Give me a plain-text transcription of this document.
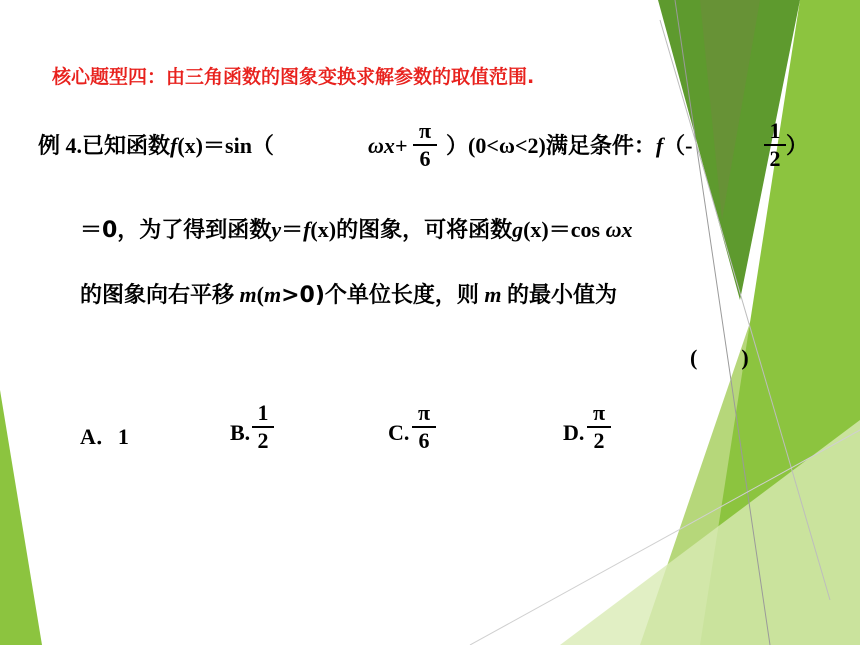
核心题型四：由三角函数的图象变换求解参数的取值范围.
例 4.已知函数f(x)＝sin（	ωx+
π
6
）(0<ω<2)满足条件：f（-
1
2
）
＝0，为了得到函数y＝f(x)的图象，可将函数g(x)＝cos ωx
的图象向右平移 m(m>0)个单位长度，则 m 的最小值为
(　　)
A．1	B.
1
2	C.
π
6	D.
π
2
